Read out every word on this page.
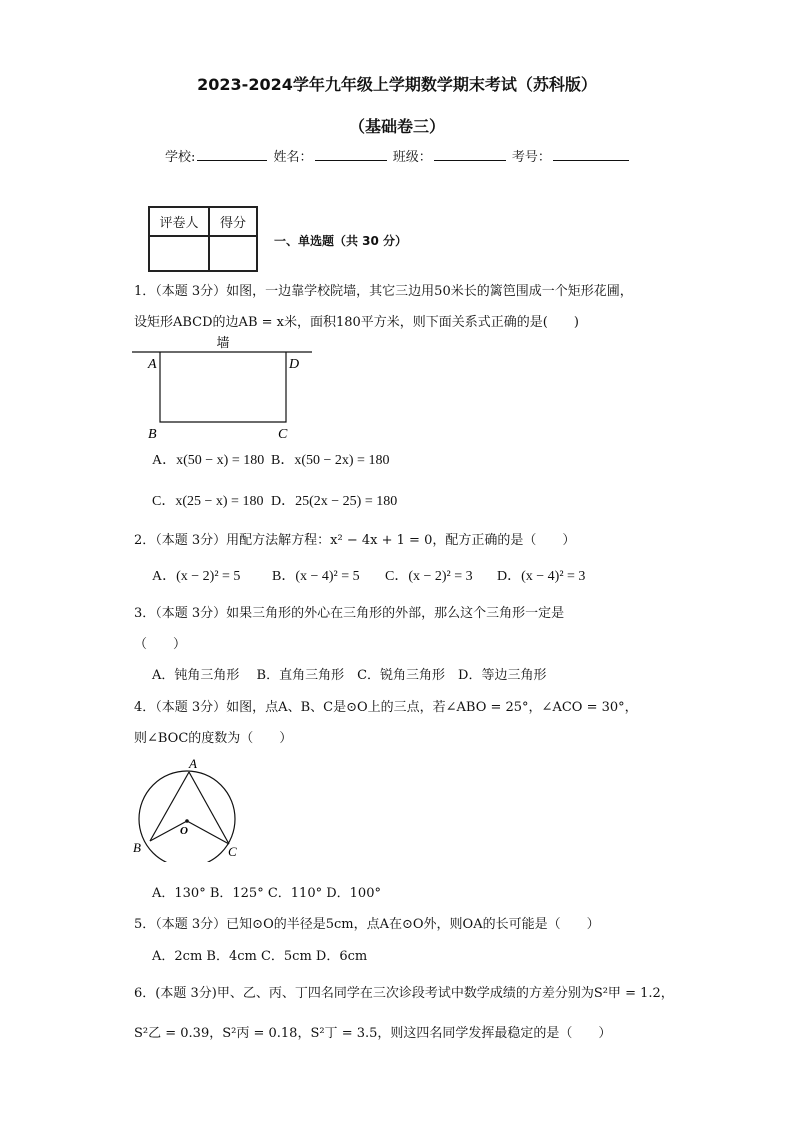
2023-2024学年九年级上学期数学期末考试（苏科版）
（基础卷三）
学校:	姓名：	班级：	考号：
评卷人	得分

一、单选题（共 30 分）
1．（本题 3分）如图，一边靠学校院墙，其它三边用50米长的篱笆围成一个矩形花圃，
设矩形ABCD的边AB = x米，面积180平方米，则下面关系式正确的是(　　)
墙
A	D
B	C
A．x(50 − x) = 180 B．x(50 − 2x) = 180
C．x(25 − x) = 180 D．25(2x − 25) = 180
2．（本题 3分）用配方法解方程：x² − 4x + 1 = 0，配方正确的是（　　）
A．(x − 2)² = 5 B．(x − 4)² = 5 C．(x − 2)² = 3 D．(x − 4)² = 3
3．（本题 3分）如果三角形的外心在三角形的外部，那么这个三角形一定是
（　　）
A．钝角三角形　 B．直角三角形　C．锐角三角形　D．等边三角形
4．（本题 3分）如图，点A、B、C是⊙O上的三点，若∠ABO = 25°，∠ACO = 30°，
则∠BOC的度数为（　　）
A
B	C
O
A．130° B．125° C．110° D．100°
5．（本题 3分）已知⊙O的半径是5cm，点A在⊙O外，则OA的长可能是（　　）
A．2cm B．4cm C．5cm D．6cm
6．(本题 3分)甲、乙、丙、丁四名同学在三次诊段考试中数学成绩的方差分别为S²甲 = 1.2，
S²乙 = 0.39，S²丙 = 0.18，S²丁 = 3.5，则这四名同学发挥最稳定的是（　　）
